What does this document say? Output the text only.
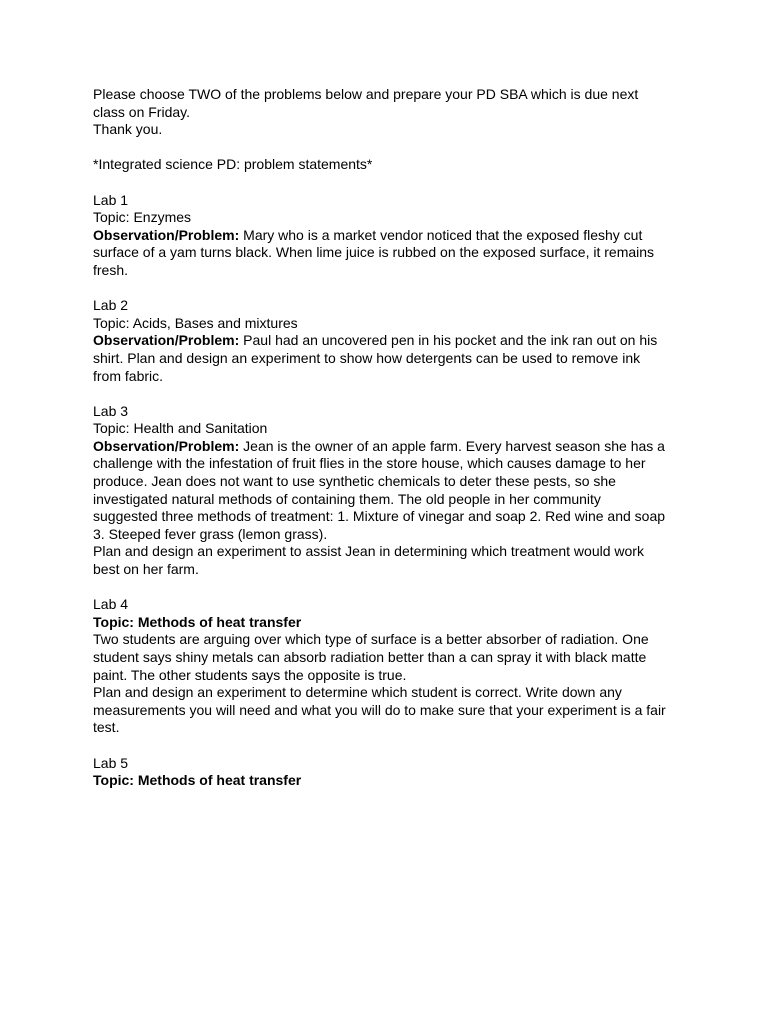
Please choose TWO of the problems below and prepare your PD SBA which is due next
class on Friday.
Thank you.
*Integrated science PD: problem statements*
Lab 1
Topic: Enzymes
Observation/Problem: Mary who is a market vendor noticed that the exposed fleshy cut
surface of a yam turns black. When lime juice is rubbed on the exposed surface, it remains
fresh.
Lab 2
Topic: Acids, Bases and mixtures
Observation/Problem: Paul had an uncovered pen in his pocket and the ink ran out on his
shirt. Plan and design an experiment to show how detergents can be used to remove ink
from fabric.
Lab 3
Topic: Health and Sanitation
Observation/Problem: Jean is the owner of an apple farm. Every harvest season she has a
challenge with the infestation of fruit flies in the store house, which causes damage to her
produce. Jean does not want to use synthetic chemicals to deter these pests, so she
investigated natural methods of containing them. The old people in her community
suggested three methods of treatment: 1. Mixture of vinegar and soap 2. Red wine and soap
3. Steeped fever grass (lemon grass).
Plan and design an experiment to assist Jean in determining which treatment would work
best on her farm.
Lab 4
Topic: Methods of heat transfer
Two students are arguing over which type of surface is a better absorber of radiation. One
student says shiny metals can absorb radiation better than a can spray it with black matte
paint. The other students says the opposite is true.
Plan and design an experiment to determine which student is correct. Write down any
measurements you will need and what you will do to make sure that your experiment is a fair
test.
Lab 5
Topic: Methods of heat transfer
